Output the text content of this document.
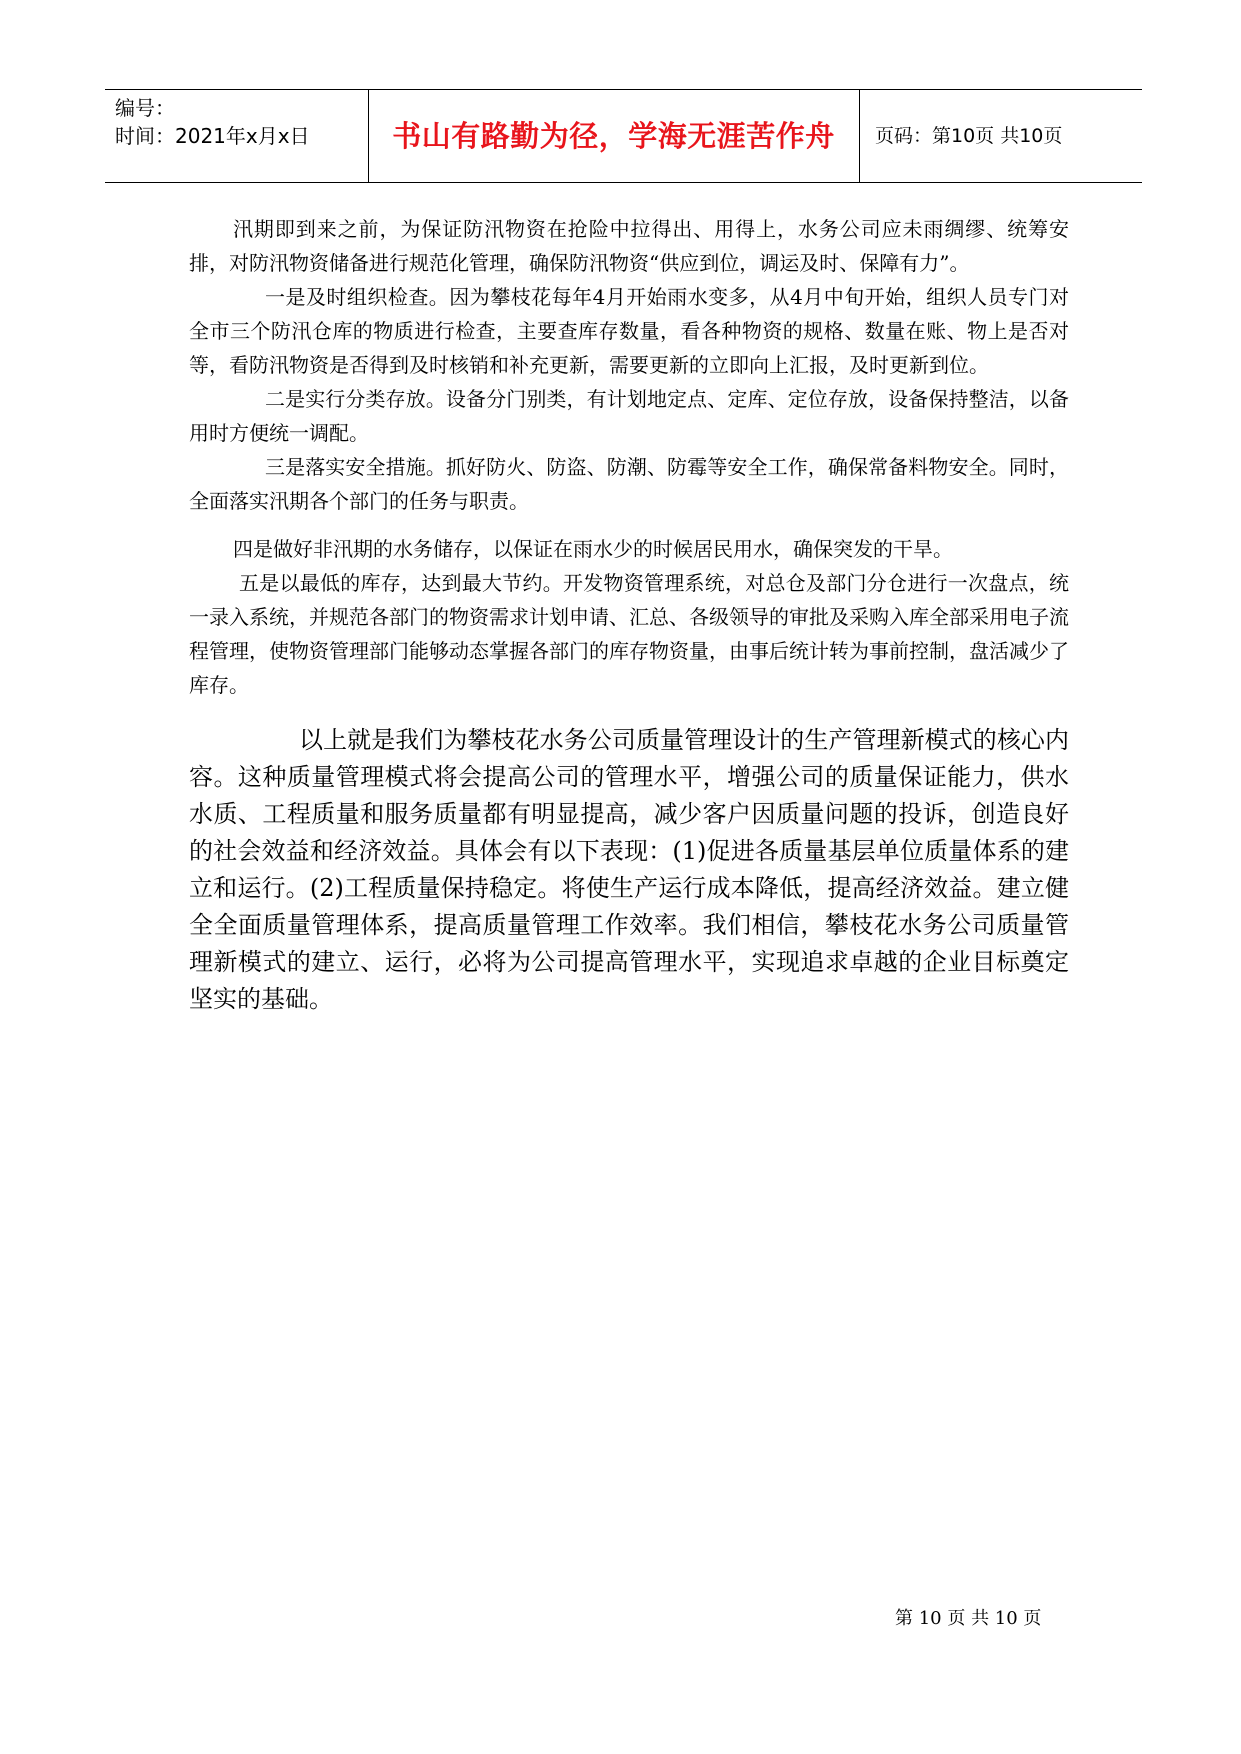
编号：
时间：2021年x月x日	书山有路勤为径，学海无涯苦作舟	页码：第10页 共10页

汛期即到来之前，为保证防汛物资在抢险中拉得出、用得上，水务公司应未雨绸缪、统筹安排，对防汛物资储备进行规范化管理，确保防汛物资“供应到位，调运及时、保障有力”。

一是及时组织检查。因为攀枝花每年4月开始雨水变多，从4月中旬开始，组织人员专门对全市三个防汛仓库的物质进行检查，主要查库存数量，看各种物资的规格、数量在账、物上是否对等，看防汛物资是否得到及时核销和补充更新，需要更新的立即向上汇报，及时更新到位。

二是实行分类存放。设备分门别类，有计划地定点、定库、定位存放，设备保持整洁，以备用时方便统一调配。

三是落实安全措施。抓好防火、防盗、防潮、防霉等安全工作，确保常备料物安全。同时，全面落实汛期各个部门的任务与职责。

四是做好非汛期的水务储存，以保证在雨水少的时候居民用水，确保突发的干旱。

五是以最低的库存，达到最大节约。开发物资管理系统，对总仓及部门分仓进行一次盘点，统一录入系统，并规范各部门的物资需求计划申请、汇总、各级领导的审批及采购入库全部采用电子流程管理，使物资管理部门能够动态掌握各部门的库存物资量，由事后统计转为事前控制，盘活减少了库存。

以上就是我们为攀枝花水务公司质量管理设计的生产管理新模式的核心内容。这种质量管理模式将会提高公司的管理水平，增强公司的质量保证能力，供水水质、工程质量和服务质量都有明显提高，减少客户因质量问题的投诉，创造良好的社会效益和经济效益。具体会有以下表现：(1)促进各质量基层单位质量体系的建立和运行。(2)工程质量保持稳定。将使生产运行成本降低，提高经济效益。建立健全全面质量管理体系，提高质量管理工作效率。我们相信，攀枝花水务公司质量管理新模式的建立、运行，必将为公司提高管理水平，实现追求卓越的企业目标奠定坚实的基础。

第 10 页 共 10 页
